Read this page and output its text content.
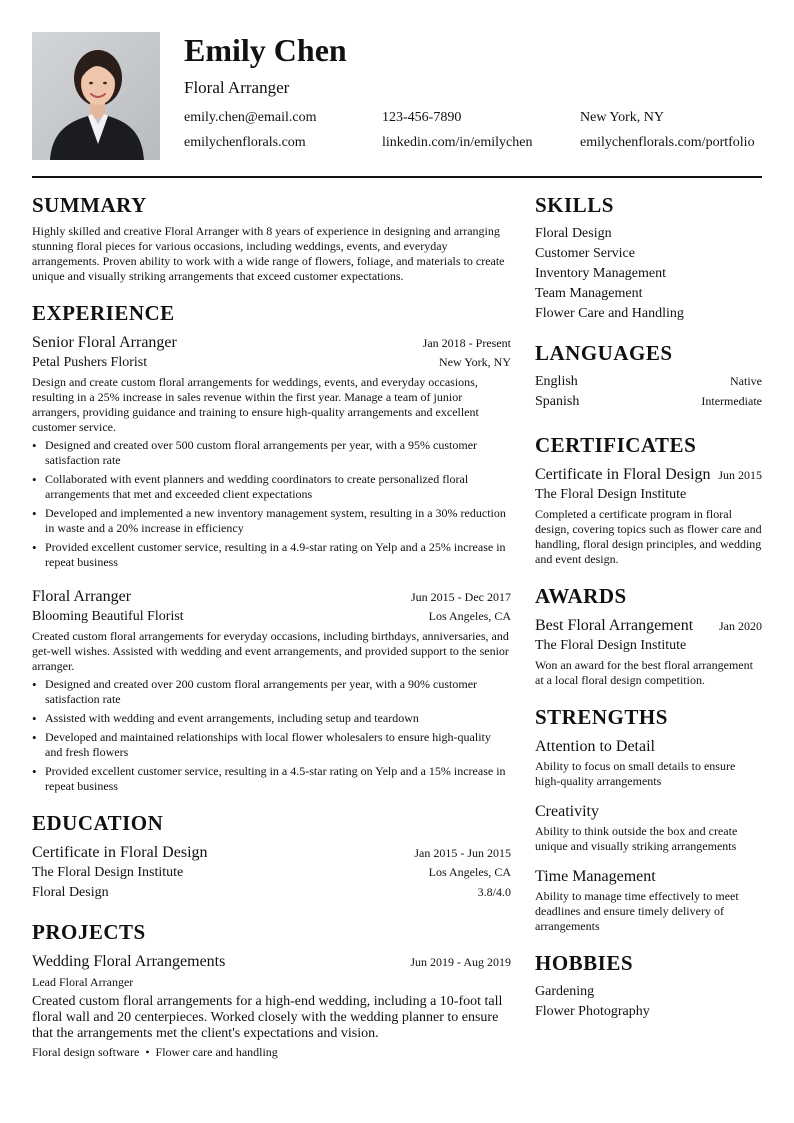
Emily Chen
Floral Arranger
emily.chen@email.com	123-456-7890	New York, NY
emilychenflorals.com	linkedin.com/in/emilychen	emilychenflorals.com/portfolio
SUMMARY
Highly skilled and creative Floral Arranger with 8 years of experience in designing and arranging stunning floral pieces for various occasions, including weddings, events, and everyday arrangements. Proven ability to work with a wide range of flowers, foliage, and materials to create unique and visually striking arrangements that exceed customer expectations.
EXPERIENCE
Senior Floral Arranger	Jan 2018 - Present
Petal Pushers Florist	New York, NY
Design and create custom floral arrangements for weddings, events, and everyday occasions, resulting in a 25% increase in sales revenue within the first year. Manage a team of junior arrangers, providing guidance and training to ensure high-quality arrangements and excellent customer service.
• Designed and created over 500 custom floral arrangements per year, with a 95% customer satisfaction rate
• Collaborated with event planners and wedding coordinators to create personalized floral arrangements that met and exceeded client expectations
• Developed and implemented a new inventory management system, resulting in a 30% reduction in waste and a 20% increase in efficiency
• Provided excellent customer service, resulting in a 4.9-star rating on Yelp and a 25% increase in repeat business
Floral Arranger	Jun 2015 - Dec 2017
Blooming Beautiful Florist	Los Angeles, CA
Created custom floral arrangements for everyday occasions, including birthdays, anniversaries, and get-well wishes. Assisted with wedding and event arrangements, and provided support to the senior arranger.
• Designed and created over 200 custom floral arrangements per year, with a 90% customer satisfaction rate
• Assisted with wedding and event arrangements, including setup and teardown
• Developed and maintained relationships with local flower wholesalers to ensure high-quality and fresh flowers
• Provided excellent customer service, resulting in a 4.5-star rating on Yelp and a 15% increase in repeat business
EDUCATION
Certificate in Floral Design	Jan 2015 - Jun 2015
The Floral Design Institute	Los Angeles, CA
Floral Design	3.8/4.0
PROJECTS
Wedding Floral Arrangements	Jun 2019 - Aug 2019
Lead Floral Arranger
Created custom floral arrangements for a high-end wedding, including a 10-foot tall floral wall and 20 centerpieces. Worked closely with the wedding planner to ensure that the arrangements met the client's expectations and vision.
Floral design software • Flower care and handling
SKILLS
Floral Design
Customer Service
Inventory Management
Team Management
Flower Care and Handling
LANGUAGES
English	Native
Spanish	Intermediate
CERTIFICATES
Certificate in Floral Design Jun 2015
The Floral Design Institute
Completed a certificate program in floral design, covering topics such as flower care and handling, floral design principles, and wedding and event design.
AWARDS
Best Floral Arrangement Jan 2020
The Floral Design Institute
Won an award for the best floral arrangement at a local floral design competition.
STRENGTHS
Attention to Detail
Ability to focus on small details to ensure high-quality arrangements
Creativity
Ability to think outside the box and create unique and visually striking arrangements
Time Management
Ability to manage time effectively to meet deadlines and ensure timely delivery of arrangements
HOBBIES
Gardening
Flower Photography
